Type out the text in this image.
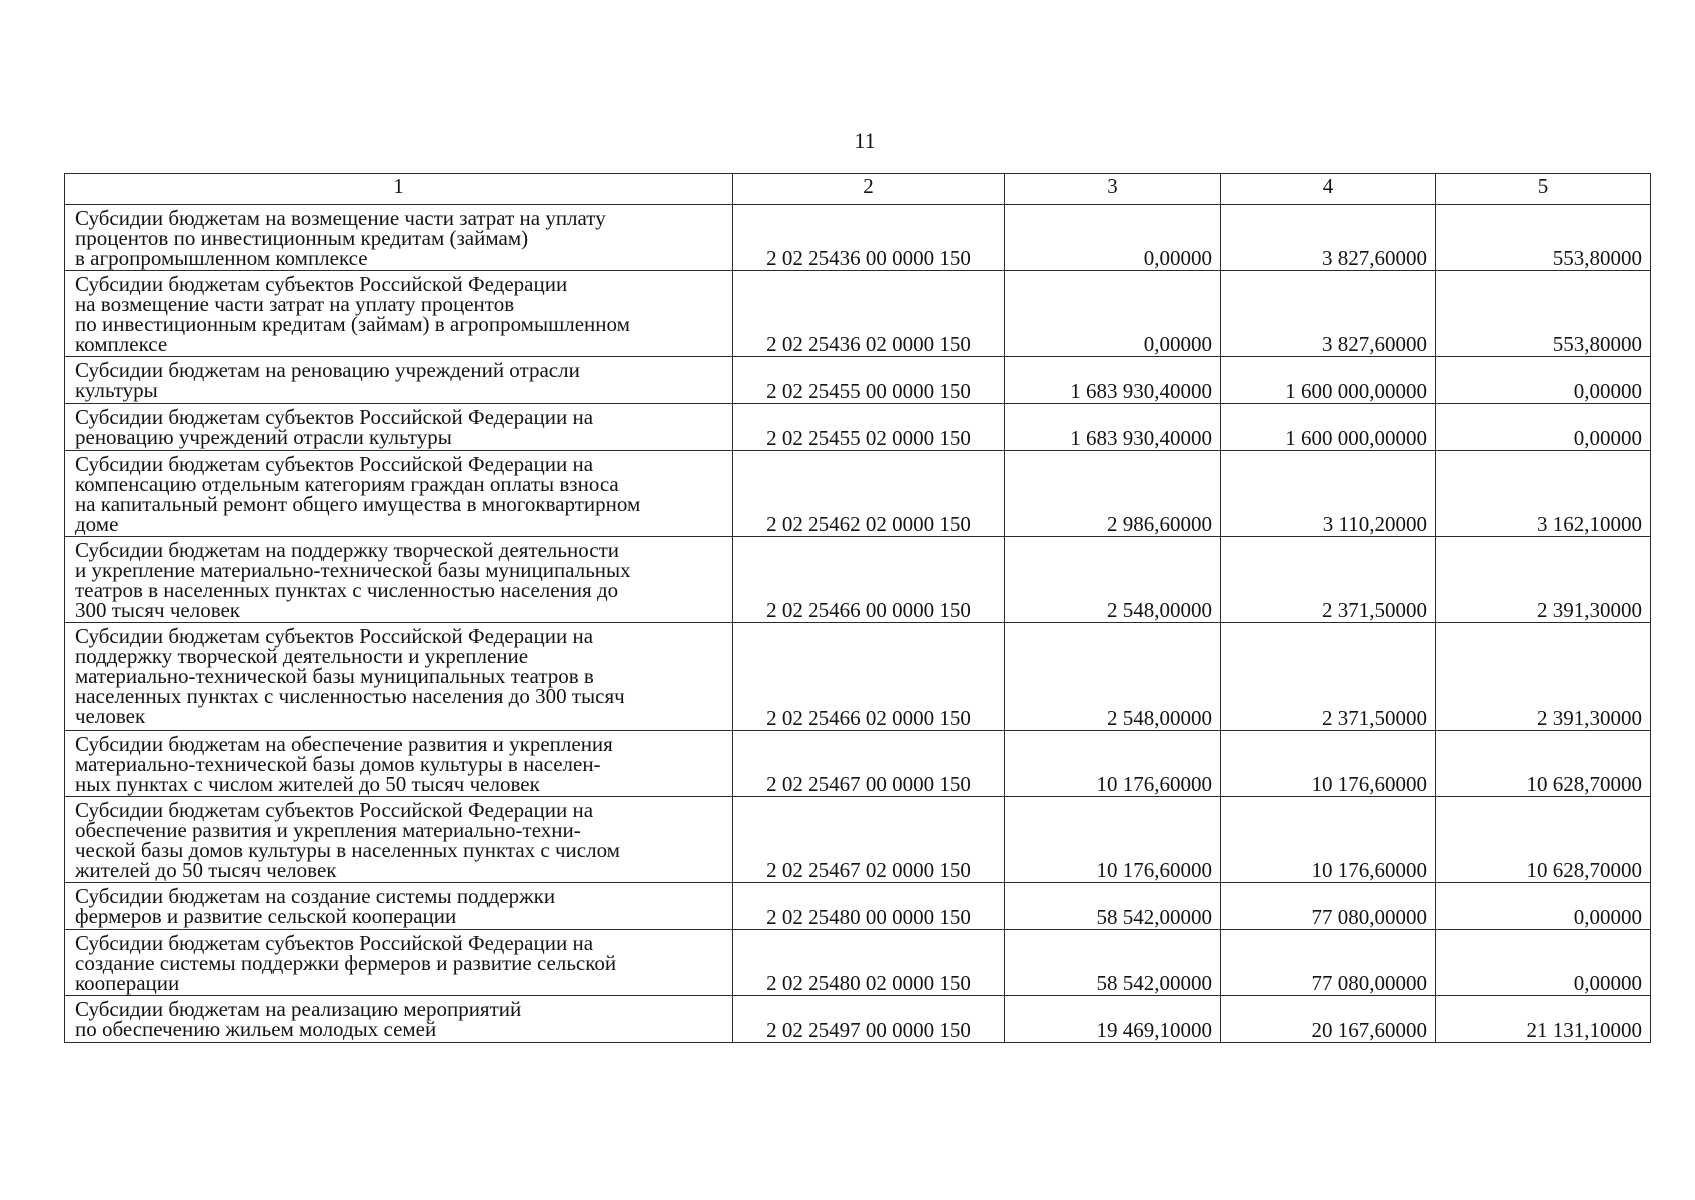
11
1	2	3	4	5

Субсидии бюджетам на возмещение части затрат на уплату
процентов по инвестиционным кредитам (займам)
в агропромышленном комплексе	2 02 25436 00 0000 150	0,00000	3 827,60000	553,80000

Субсидии бюджетам субъектов Российской Федерации
на возмещение части затрат на уплату процентов
по инвестиционным кредитам (займам) в агропромышленном
комплексе	2 02 25436 02 0000 150	0,00000	3 827,60000	553,80000

Субсидии бюджетам на реновацию учреждений отрасли
культуры	2 02 25455 00 0000 150	1 683 930,40000	1 600 000,00000	0,00000

Субсидии бюджетам субъектов Российской Федерации на
реновацию учреждений отрасли культуры	2 02 25455 02 0000 150	1 683 930,40000	1 600 000,00000	0,00000

Субсидии бюджетам субъектов Российской Федерации на
компенсацию отдельным категориям граждан оплаты взноса
на капитальный ремонт общего имущества в многоквартирном
доме	2 02 25462 02 0000 150	2 986,60000	3 110,20000	3 162,10000

Субсидии бюджетам на поддержку творческой деятельности
и укрепление материально-технической базы муниципальных
театров в населенных пунктах с численностью населения до
300 тысяч человек	2 02 25466 00 0000 150	2 548,00000	2 371,50000	2 391,30000

Субсидии бюджетам субъектов Российской Федерации на
поддержку творческой деятельности и укрепление
материально-технической базы муниципальных театров в
населенных пунктах с численностью населения до 300 тысяч
человек	2 02 25466 02 0000 150	2 548,00000	2 371,50000	2 391,30000

Субсидии бюджетам на обеспечение развития и укрепления
материально-технической базы домов культуры в населен-
ных пунктах с числом жителей до 50 тысяч человек	2 02 25467 00 0000 150	10 176,60000	10 176,60000	10 628,70000

Субсидии бюджетам субъектов Российской Федерации на
обеспечение развития и укрепления материально-техни-
ческой базы домов культуры в населенных пунктах с числом
жителей до 50 тысяч человек	2 02 25467 02 0000 150	10 176,60000	10 176,60000	10 628,70000

Субсидии бюджетам на создание системы поддержки
фермеров и развитие сельской кооперации	2 02 25480 00 0000 150	58 542,00000	77 080,00000	0,00000

Субсидии бюджетам субъектов Российской Федерации на
создание системы поддержки фермеров и развитие сельской
кооперации	2 02 25480 02 0000 150	58 542,00000	77 080,00000	0,00000

Субсидии бюджетам на реализацию мероприятий
по обеспечению жильем молодых семей	2 02 25497 00 0000 150	19 469,10000	20 167,60000	21 131,10000
